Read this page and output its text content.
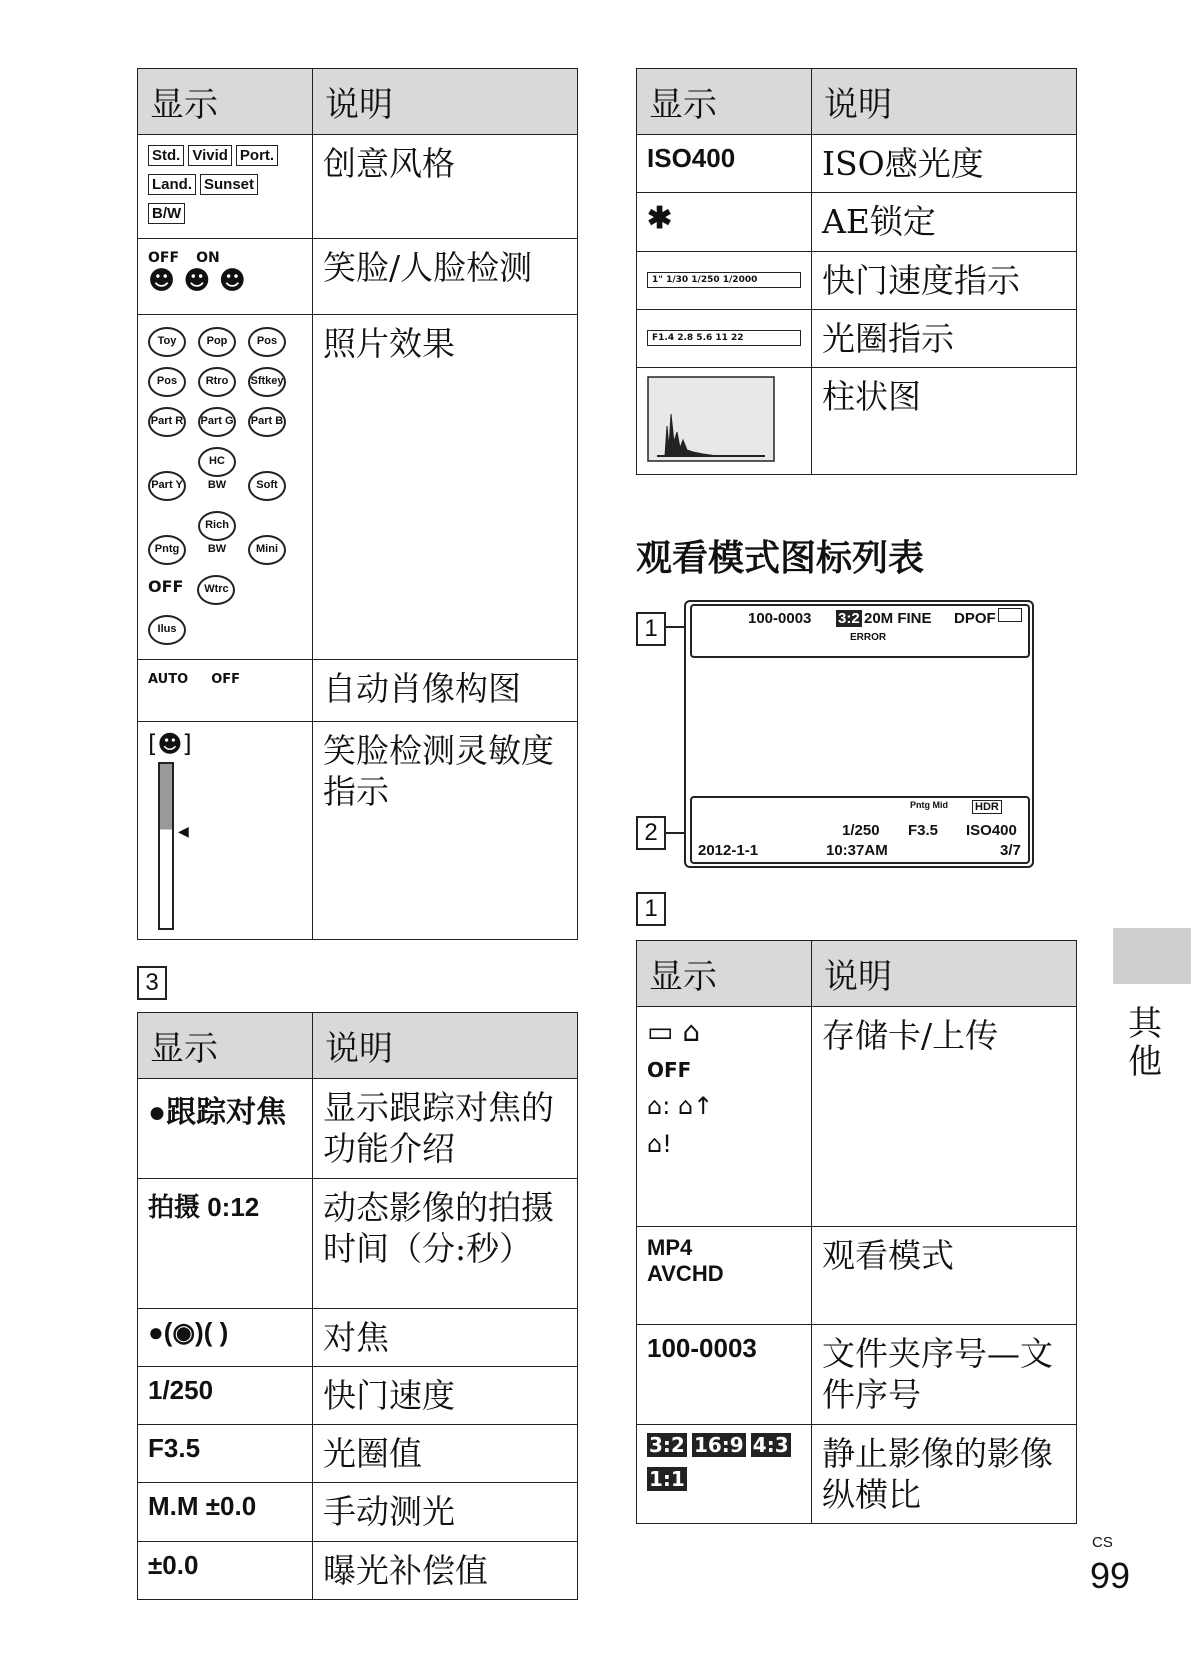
显示	说明
Std. Vivid Port.
Land. SunsetB/W	创意风格
OFF ON
☻ ☻ ☻	笑脸/人脸检测
Toy Pop Pos Pos Rtro Sftkey Part R Part G Part B Part YHC BW Soft PntgRich BW Mini OFF Wtrc Ilus	照片效果
AUTO OFF	自动肖像构图

[☻]
◀	笑脸检测灵敏度指示
3
显示	说明
●跟踪对焦	显示跟踪对焦的功能介绍
拍摄 0:12	动态影像的拍摄时间（分:秒）
●(◉)( )	对焦
1/250	快门速度
F3.5	光圈值
M.M ±0.0	手动测光
±0.0	曝光补偿值
显示	说明
ISO400	ISO感光度
✱	AE锁定

1" 1/30 1/250 1/2000	快门速度指示

F1.4 2.8 5.6 11 22	光圈指示
	柱状图
观看模式图标列表
1
2
100-0003 3:2 20M FINE DPOF
ERROR
Pntg Mid HDR
1/250 F3.5 ISO400
2012-1-1	10:37AM	3/7
1
显示	说明

▭ ⌂
OFF
⌂: ⌂↑
⌂!	存储卡/上传
MP4
AVCHD	观看模式
100-0003	文件夹序号—文件序号
3:2 16:9 4:3
1:1	静止影像的影像纵横比
其他
CS
99
